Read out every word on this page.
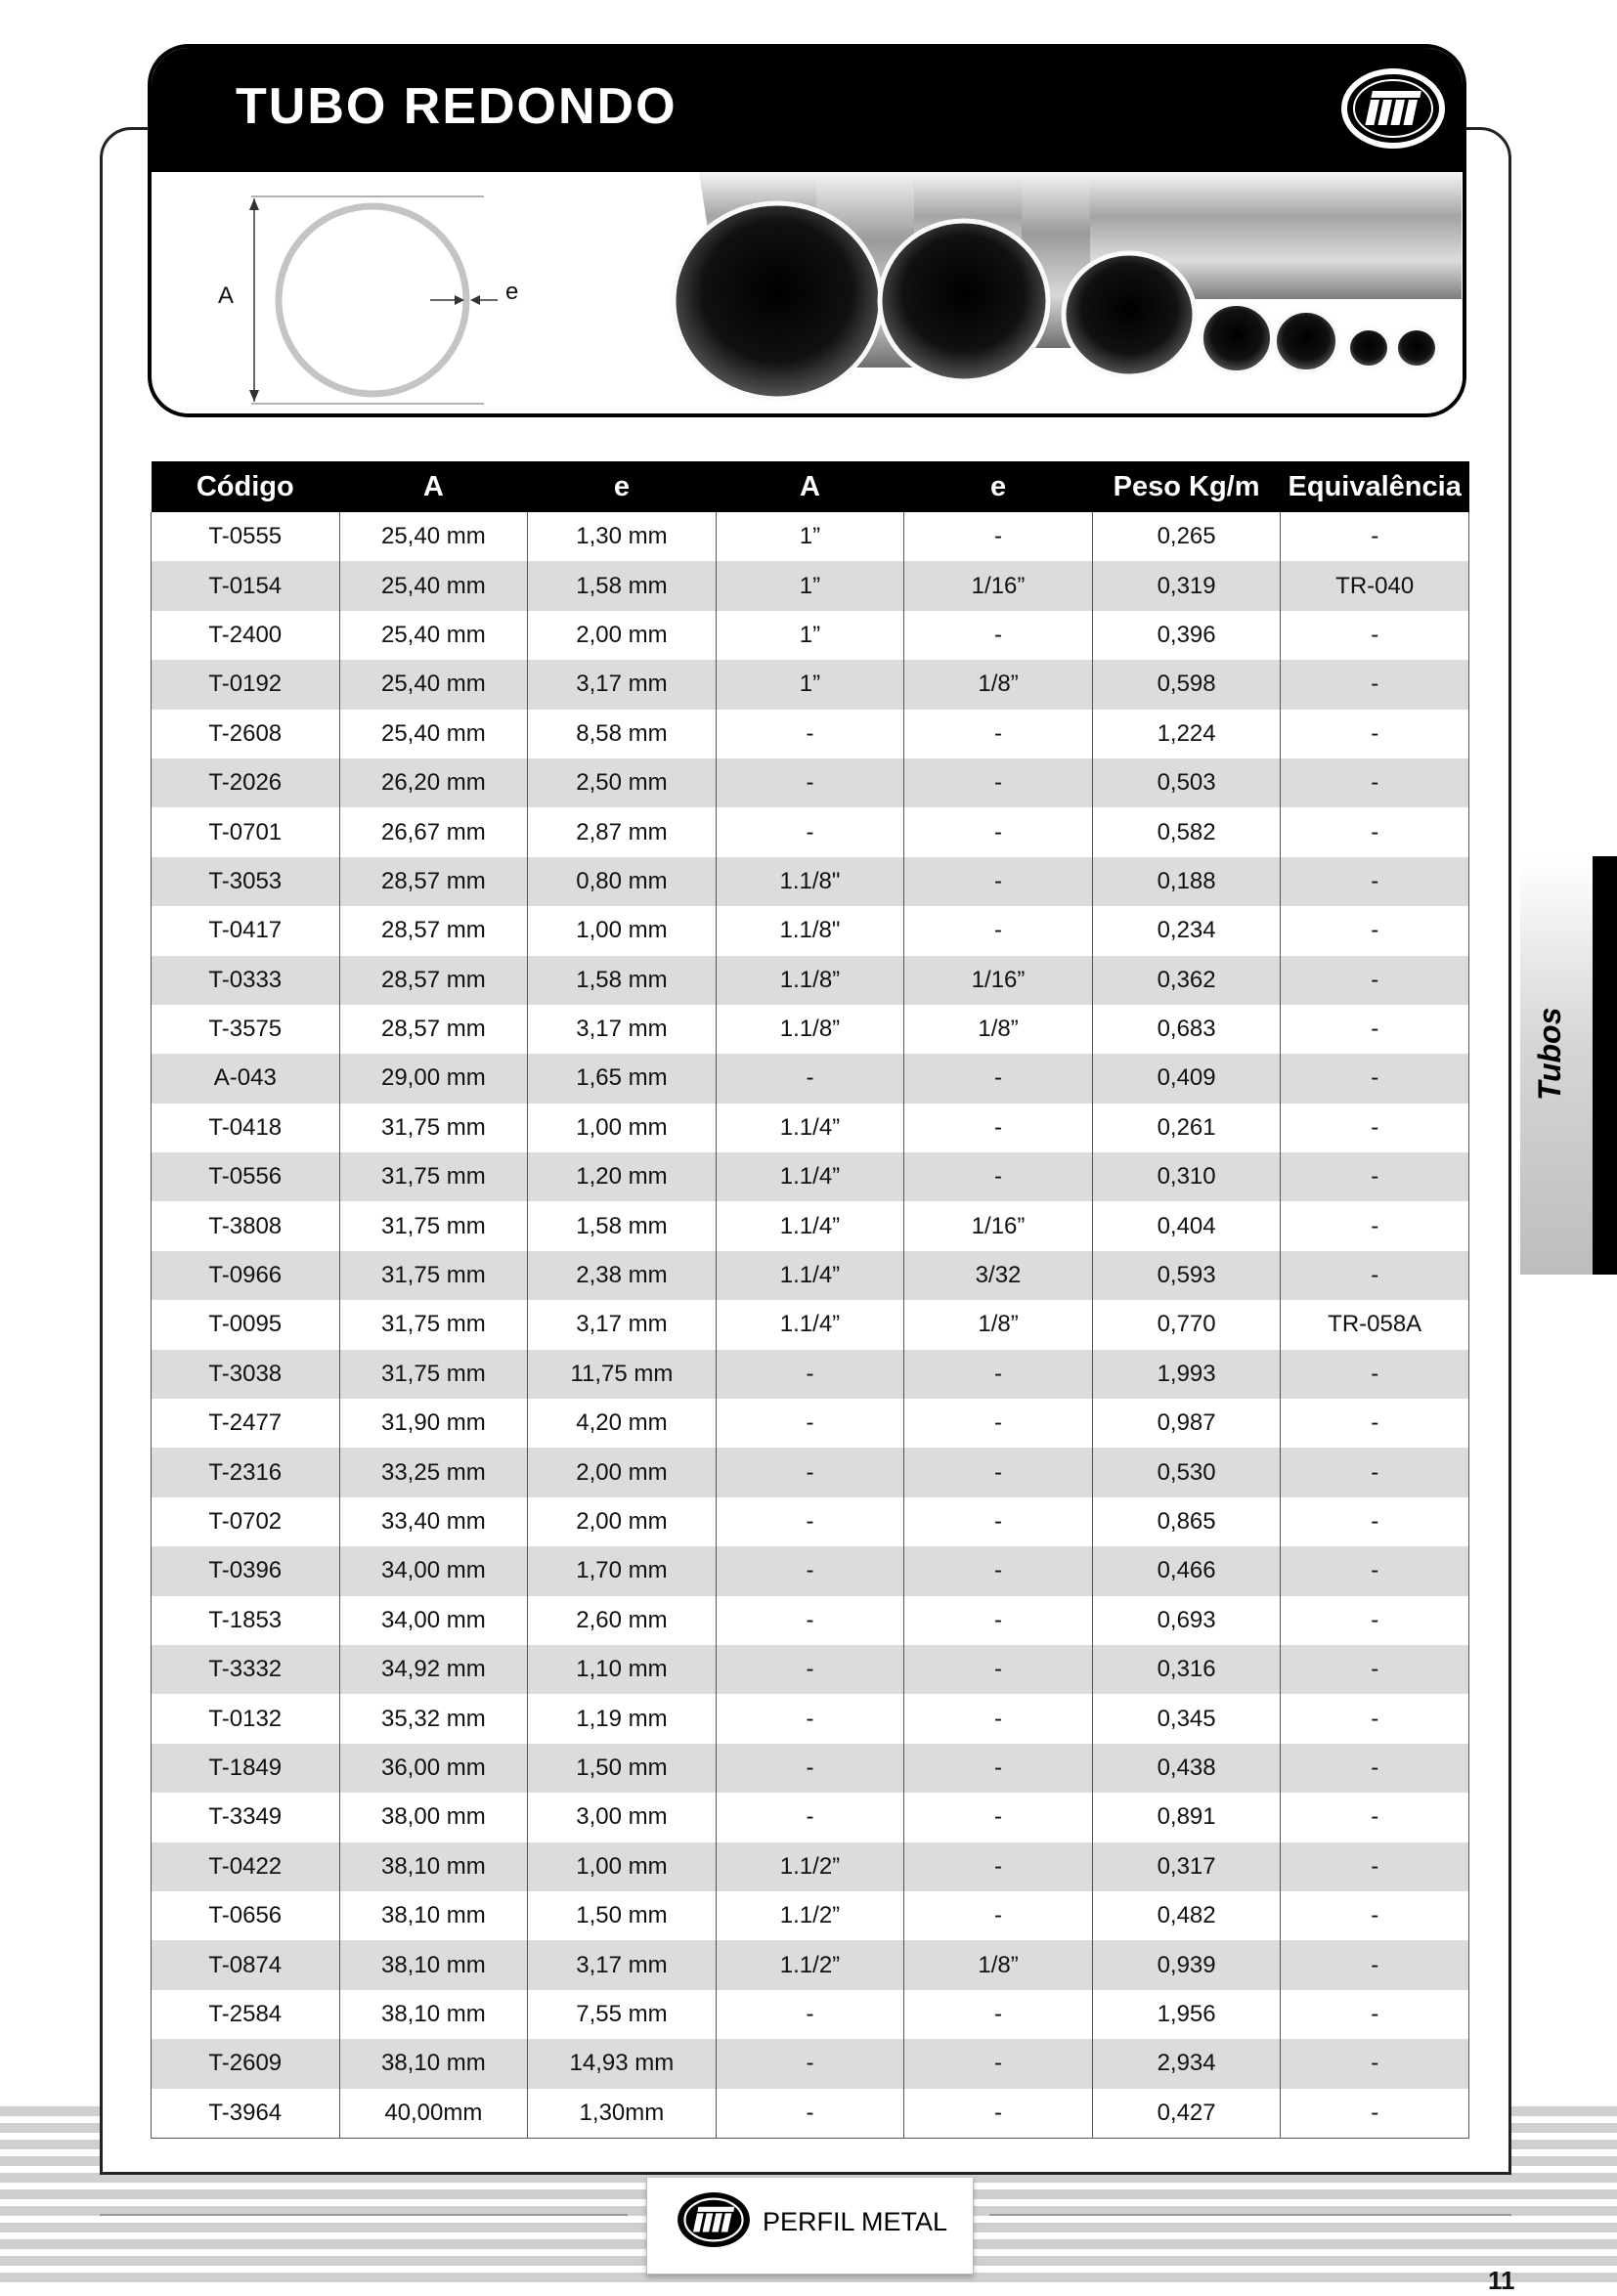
TUBO REDONDO
A	e
Código	A	e	A	e	Peso Kg/m	Equivalência
T-0555	25,40 mm	1,30 mm	1”	-	0,265	-
T-0154	25,40 mm	1,58 mm	1”	1/16”	0,319	TR-040
T-2400	25,40 mm	2,00 mm	1”	-	0,396	-
T-0192	25,40 mm	3,17 mm	1”	1/8”	0,598	-
T-2608	25,40 mm	8,58 mm	-	-	1,224	-
T-2026	26,20 mm	2,50 mm	-	-	0,503	-
T-0701	26,67 mm	2,87 mm	-	-	0,582	-
T-3053	28,57 mm	0,80 mm	1.1/8"	-	0,188	-
T-0417	28,57 mm	1,00 mm	1.1/8"	-	0,234	-
T-0333	28,57 mm	1,58 mm	1.1/8”	1/16”	0,362	-
T-3575	28,57 mm	3,17 mm	1.1/8”	1/8”	0,683	-
A-043	29,00 mm	1,65 mm	-	-	0,409	-
T-0418	31,75 mm	1,00 mm	1.1/4”	-	0,261	-
T-0556	31,75 mm	1,20 mm	1.1/4”	-	0,310	-
T-3808	31,75 mm	1,58 mm	1.1/4”	1/16”	0,404	-
T-0966	31,75 mm	2,38 mm	1.1/4”	3/32	0,593	-
T-0095	31,75 mm	3,17 mm	1.1/4”	1/8”	0,770	TR-058A
T-3038	31,75 mm	11,75 mm	-	-	1,993	-
T-2477	31,90 mm	4,20 mm	-	-	0,987	-
T-2316	33,25 mm	2,00 mm	-	-	0,530	-
T-0702	33,40 mm	2,00 mm	-	-	0,865	-
T-0396	34,00 mm	1,70 mm	-	-	0,466	-
T-1853	34,00 mm	2,60 mm	-	-	0,693	-
T-3332	34,92 mm	1,10 mm	-	-	0,316	-
T-0132	35,32 mm	1,19 mm	-	-	0,345	-
T-1849	36,00 mm	1,50 mm	-	-	0,438	-
T-3349	38,00 mm	3,00 mm	-	-	0,891	-
T-0422	38,10 mm	1,00 mm	1.1/2”	-	0,317	-
T-0656	38,10 mm	1,50 mm	1.1/2”	-	0,482	-
T-0874	38,10 mm	3,17 mm	1.1/2”	1/8”	0,939	-
T-2584	38,10 mm	7,55 mm	-	-	1,956	-
T-2609	38,10 mm	14,93 mm	-	-	2,934	-
T-3964	40,00mm	1,30mm	-	-	0,427	-
Tubos
PERFIL METAL
11
